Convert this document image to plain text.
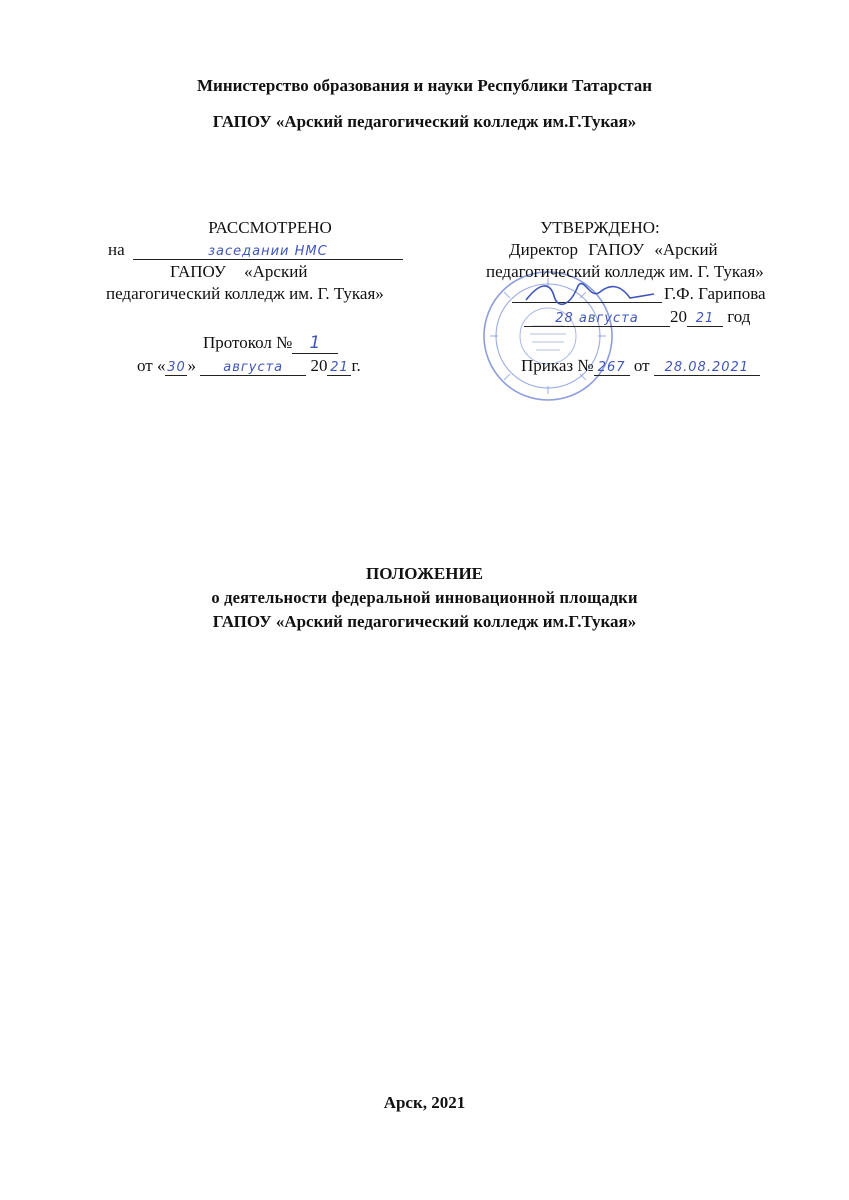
Министерство образования и науки Республики Татарстан
ГАПОУ «Арский педагогический колледж им.Г.Тукая»
РАССМОТРЕНО
на	заседании НМС
ГАПОУ «Арский
педагогический колледж им. Г. Тукая»
Протокол № 1
от « 30 » августа 20 21 г.
УТВЕРЖДЕНО:
Директор ГАПОУ «Арский
педагогический колледж им. Г. Тукая»
Г.Ф. Гарипова
28 августа 20 21 год
Приказ № 267 от 28.08.2021
ПОЛОЖЕНИЕ
о деятельности федеральной инновационной площадки
ГАПОУ «Арский педагогический колледж им.Г.Тукая»
Арск, 2021
